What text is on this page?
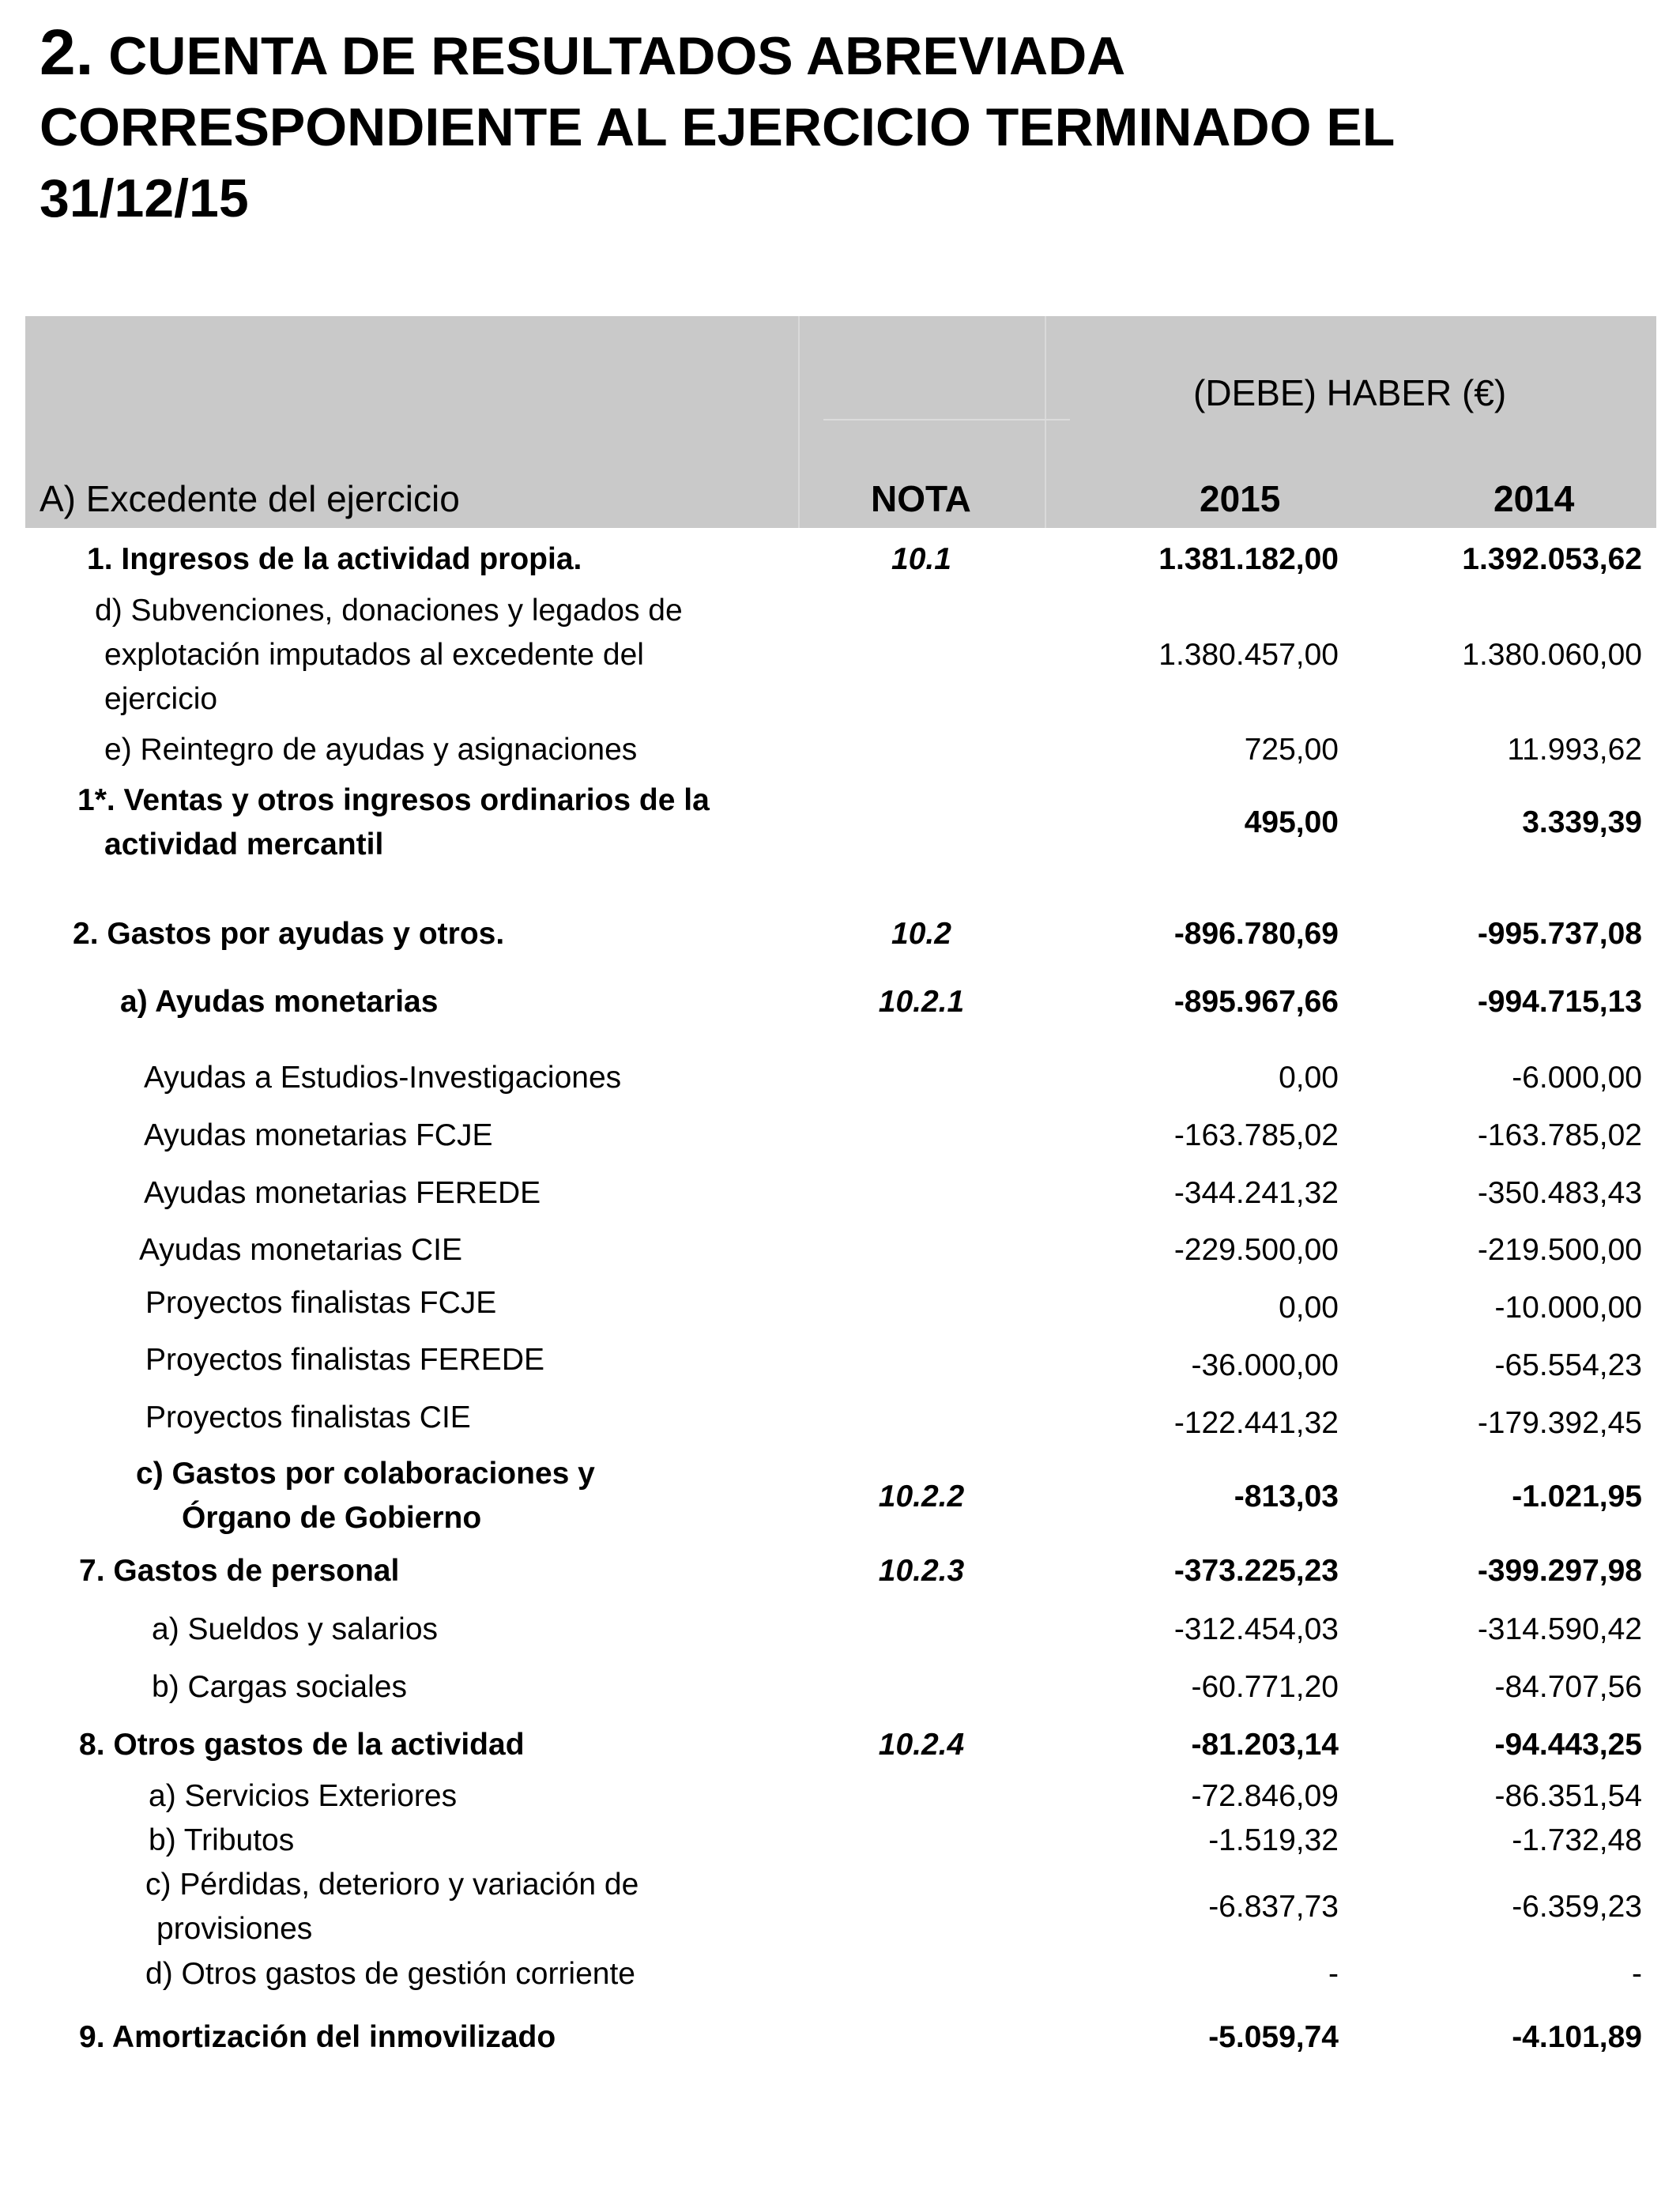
2. CUENTA DE RESULTADOS ABREVIADA
CORRESPONDIENTE AL EJERCICIO TERMINADO EL
31/12/15
(DEBE) HABER (€)
A) Excedente del ejercicio	NOTA	2015	2014
1. Ingresos de la actividad propia.	10.1	1.381.182,00	1.392.053,62
d) Subvenciones, donaciones y legados de
explotación imputados al excedente del
ejercicio
1.380.457,00	1.380.060,00
e) Reintegro de ayudas y asignaciones	725,00	11.993,62
1*. Ventas y otros ingresos ordinarios de la
actividad mercantil
495,00	3.339,39
2. Gastos por ayudas y otros.	10.2	-896.780,69	-995.737,08
a) Ayudas monetarias	10.2.1	-895.967,66	-994.715,13
Ayudas a Estudios-Investigaciones	0,00	-6.000,00
Ayudas monetarias FCJE	-163.785,02	-163.785,02
Ayudas monetarias FEREDE	-344.241,32	-350.483,43
Ayudas monetarias CIE	-229.500,00	-219.500,00
Proyectos finalistas FCJE	0,00	-10.000,00
Proyectos finalistas FEREDE	-36.000,00	-65.554,23
Proyectos finalistas CIE	-122.441,32	-179.392,45
c) Gastos por colaboraciones y
Órgano de Gobierno
10.2.2	-813,03	-1.021,95
7. Gastos de personal	10.2.3	-373.225,23	-399.297,98
a) Sueldos y salarios	-312.454,03	-314.590,42
b) Cargas sociales	-60.771,20	-84.707,56
8. Otros gastos de la actividad	10.2.4	-81.203,14	-94.443,25
a) Servicios Exteriores	-72.846,09	-86.351,54
b) Tributos	-1.519,32	-1.732,48
c) Pérdidas, deterioro y variación de
provisiones
-6.837,73	-6.359,23
d) Otros gastos de gestión corriente	-	-
9. Amortización del inmovilizado	-5.059,74	-4.101,89
